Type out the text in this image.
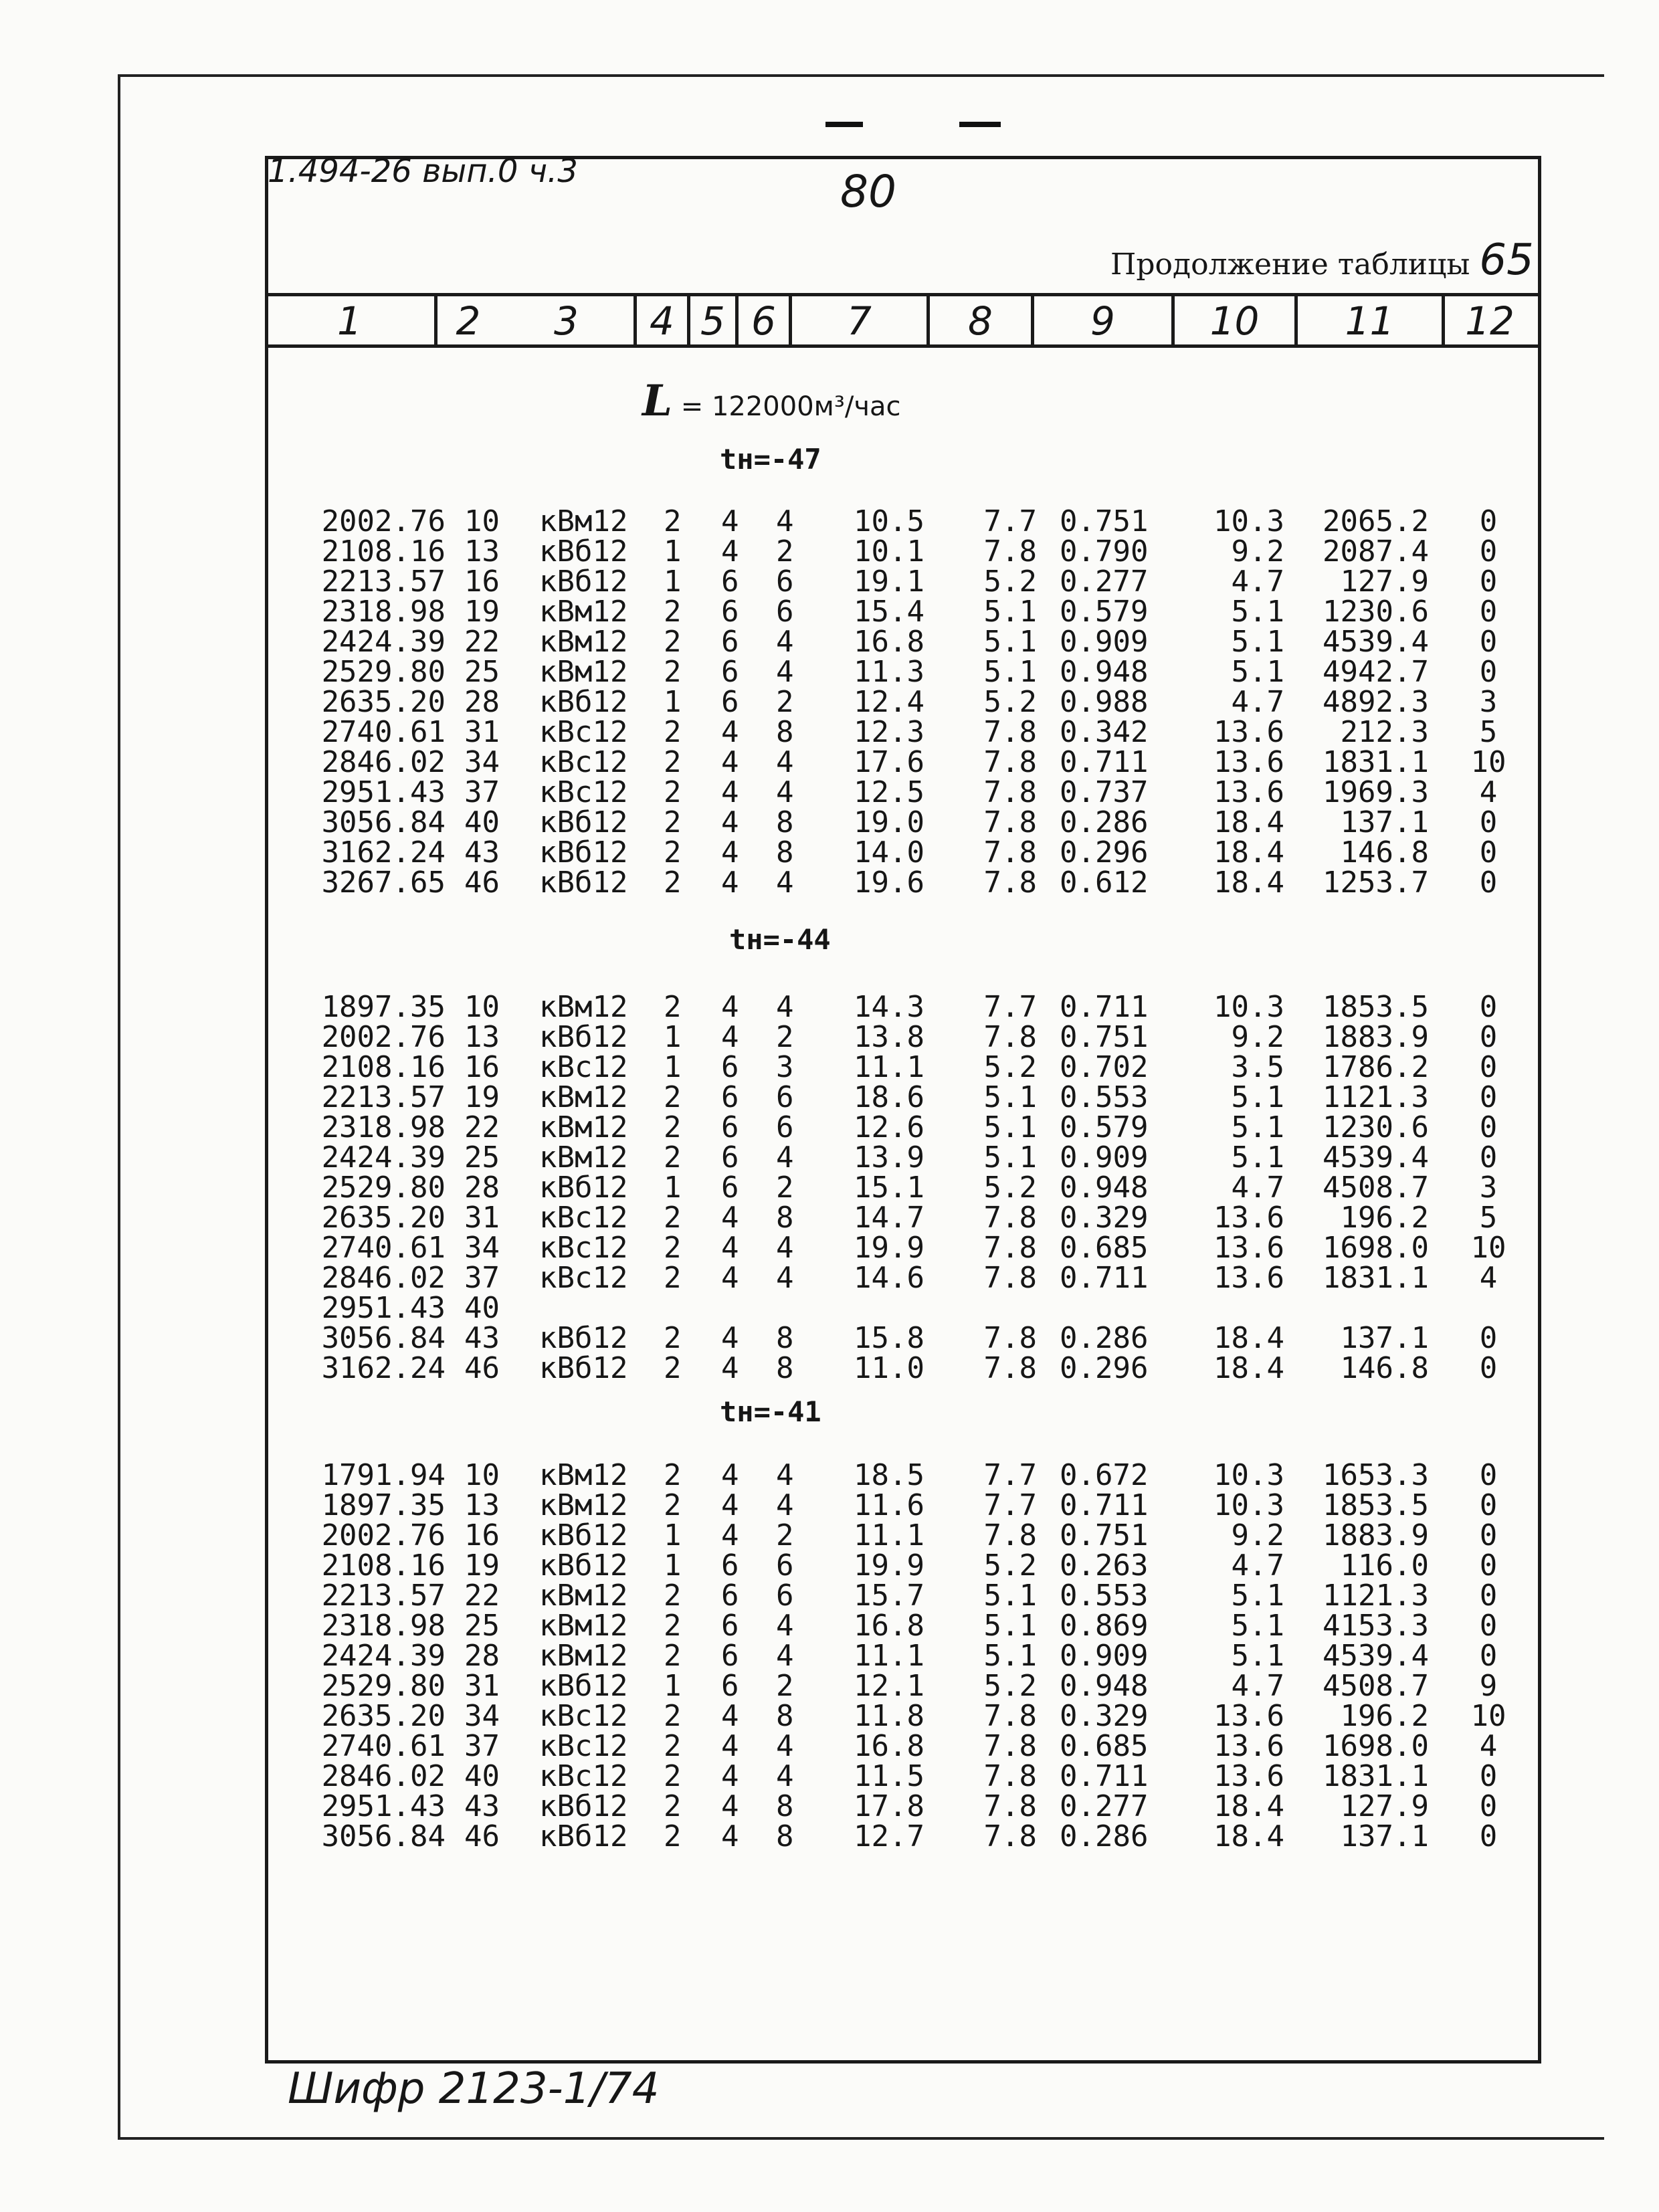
1.494-26 вып.0 ч.3	80
Продолжение таблицы 65
1	2	3	4 5 6	7	8	9	10	11	12
L = 122000м³/час
tн=-47
2002.76 10 кВм12 2 4 4	10.5	7.7 0.751	10.3	2065.2	0
2108.16 13 кВб12 1 4 2	10.1	7.8 0.790	9.2	2087.4	0
2213.57 16 кВб12 1 6 6	19.1	5.2 0.277	4.7	127.9	0
2318.98 19 кВм12 2 6 6	15.4	5.1 0.579	5.1	1230.6	0
2424.39 22 кВм12 2 6 4	16.8	5.1 0.909	5.1	4539.4	0
2529.80 25 кВм12 2 6 4	11.3	5.1 0.948	5.1	4942.7	0
2635.20 28 кВб12 1 6 2	12.4	5.2 0.988	4.7	4892.3	3
2740.61 31 кВс12 2 4 8	12.3	7.8 0.342	13.6	212.3	5
2846.02 34 кВс12 2 4 4	17.6	7.8 0.711	13.6	1831.1	10
2951.43 37 кВс12 2 4 4	12.5	7.8 0.737	13.6	1969.3	4
3056.84 40 кВб12 2 4 8	19.0	7.8 0.286	18.4	137.1	0
3162.24 43 кВб12 2 4 8	14.0	7.8 0.296	18.4	146.8	0
3267.65 46 кВб12 2 4 4	19.6	7.8 0.612	18.4	1253.7	0
tн=-44
1897.35 10 кВм12 2 4 4	14.3	7.7 0.711	10.3	1853.5	0
2002.76 13 кВб12 1 4 2	13.8	7.8 0.751	9.2	1883.9	0
2108.16 16 кВс12 1 6 3	11.1	5.2 0.702	3.5	1786.2	0
2213.57 19 кВм12 2 6 6	18.6	5.1 0.553	5.1	1121.3	0
2318.98 22 кВм12 2 6 6	12.6	5.1 0.579	5.1	1230.6	0
2424.39 25 кВм12 2 6 4	13.9	5.1 0.909	5.1	4539.4	0
2529.80 28 кВб12 1 6 2	15.1	5.2 0.948	4.7	4508.7	3
2635.20 31 кВс12 2 4 8	14.7	7.8 0.329	13.6	196.2	5
2740.61 34 кВс12 2 4 4	19.9	7.8 0.685	13.6	1698.0	10
2846.02 37 кВс12 2 4 4	14.6	7.8 0.711	13.6	1831.1	4
2951.43 40
3056.84 43 кВб12 2 4 8	15.8	7.8 0.286	18.4	137.1	0
3162.24 46 кВб12 2 4 8	11.0	7.8 0.296	18.4	146.8	0
tн=-41
1791.94 10 кВм12 2 4 4	18.5	7.7 0.672	10.3	1653.3	0
1897.35 13 кВм12 2 4 4	11.6	7.7 0.711	10.3	1853.5	0
2002.76 16 кВб12 1 4 2	11.1	7.8 0.751	9.2	1883.9	0
2108.16 19 кВб12 1 6 6	19.9	5.2 0.263	4.7	116.0	0
2213.57 22 кВм12 2 6 6	15.7	5.1 0.553	5.1	1121.3	0
2318.98 25 кВм12 2 6 4	16.8	5.1 0.869	5.1	4153.3	0
2424.39 28 кВм12 2 6 4	11.1	5.1 0.909	5.1	4539.4	0
2529.80 31 кВб12 1 6 2	12.1	5.2 0.948	4.7	4508.7	9
2635.20 34 кВс12 2 4 8	11.8	7.8 0.329	13.6	196.2	10
2740.61 37 кВс12 2 4 4	16.8	7.8 0.685	13.6	1698.0	4
2846.02 40 кВс12 2 4 4	11.5	7.8 0.711	13.6	1831.1	0
2951.43 43 кВб12 2 4 8	17.8	7.8 0.277	18.4	127.9	0
3056.84 46 кВб12 2 4 8	12.7	7.8 0.286	18.4	137.1	0
Шифр 2123-1/74
